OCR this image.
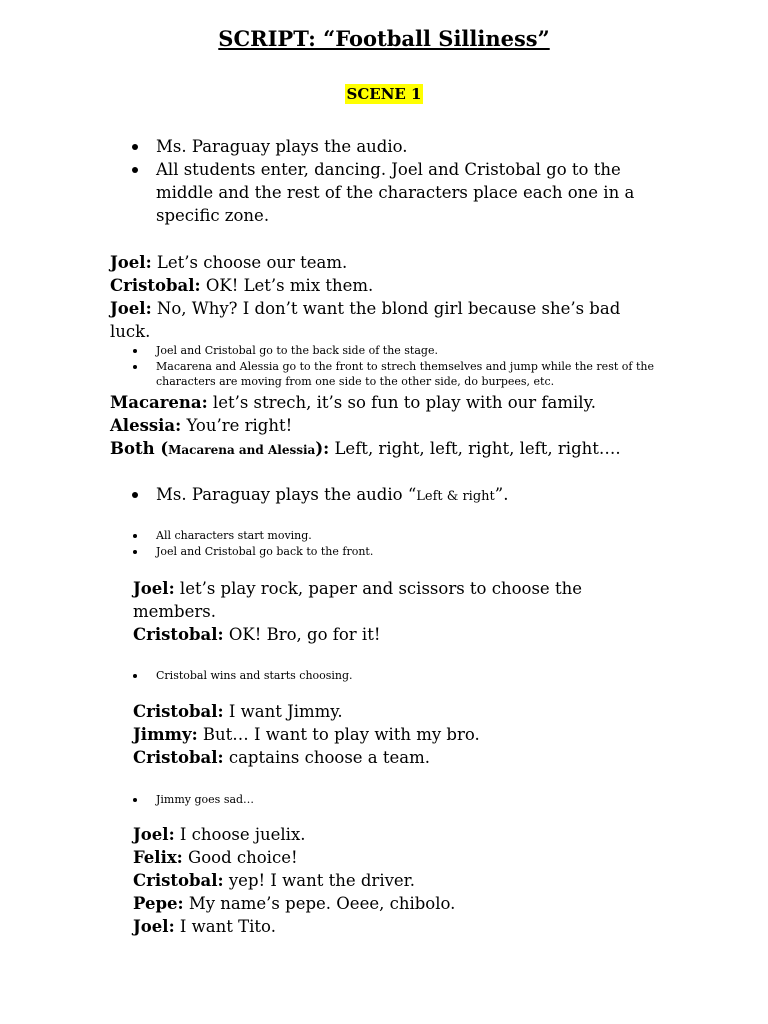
SCRIPT: “Football Silliness”
SCENE 1
Ms. Paraguay plays the audio.
All students enter, dancing. Joel and Cristobal go to the middle and the rest of the characters place each one in a specific zone.

Joel: Let’s choose our team.

Cristobal: OK! Let’s mix them.

Joel: No, Why? I don’t want the blond girl because she’s bad luck.

Joel and Cristobal go to the back side of the stage.
Macarena and Alessia go to the front to strech themselves and jump while the rest of the characters are moving from one side to the other side, do burpees, etc.

Macarena: let’s strech, it’s so fun to play with our family.

Alessia: You’re right!

Both (Macarena and Alessia): Left, right, left, right, left, right….

Ms. Paraguay plays the audio “Left & right”.
All characters start moving.
Joel and Cristobal go back to the front.

Joel: let’s play rock, paper and scissors to choose the members.

Cristobal: OK! Bro, go for it!

Cristobal wins and starts choosing.

Cristobal: I want Jimmy.

Jimmy: But… I want to play with my bro.

Cristobal: captains choose a team.

Jimmy goes sad…

Joel: I choose juelix.

Felix: Good choice!

Cristobal: yep! I want the driver.

Pepe: My name’s pepe. Oeee, chibolo.

Joel: I want Tito.
